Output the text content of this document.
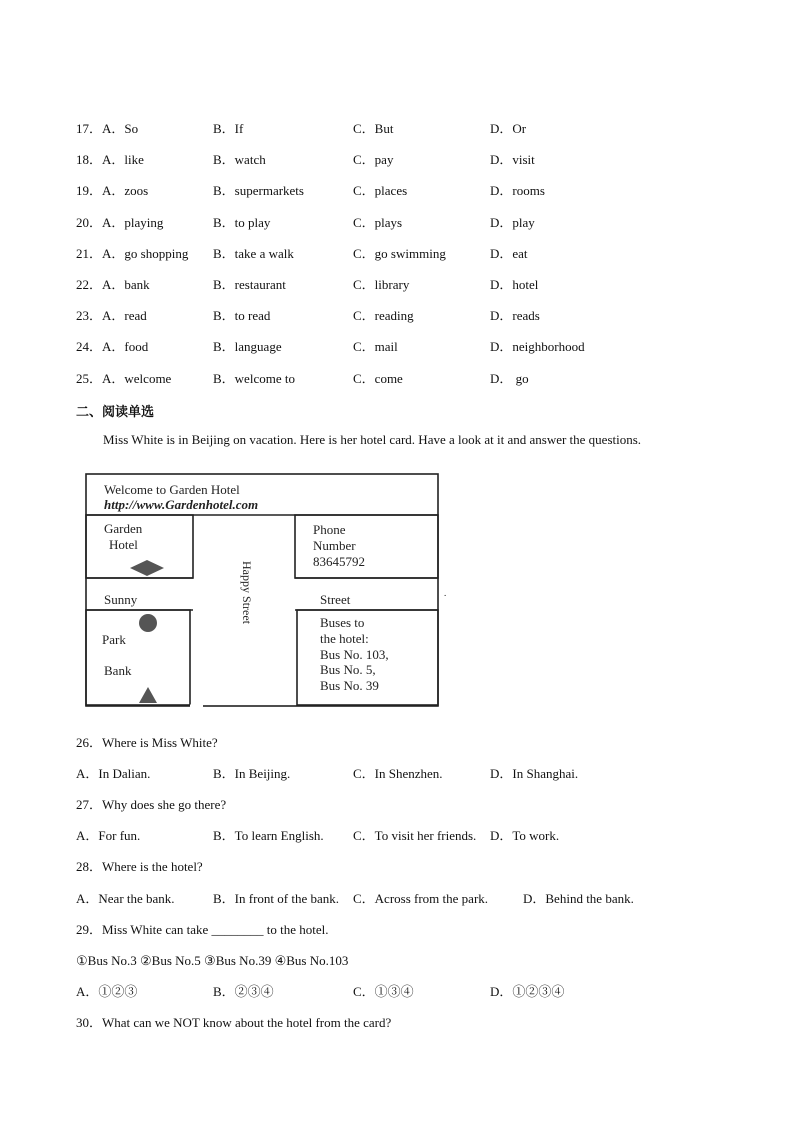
17．A．So	B．If	C．But	D．Or
18．A．like	B．watch	C．pay	D．visit
19．A．zoos	B．supermarkets	C．places	D．rooms
20．A．playing	B．to play	C．plays	D．play
21．A．go shopping B．take a walk	C．go swimming	D．eat
22．A．bank	B．restaurant	C．library	D．hotel
23．A．read	B．to read	C．reading	D．reads
24．A．food	B．language	C．mail	D．neighborhood
25．A．welcome	B．welcome to	C．come	D． go
二、阅读单选
Miss White is in Beijing on vacation. Here is her hotel card. Have a look at it and answer the questions.
Welcome to Garden Hotel
http://www.Gardenhotel.com
Garden
Hotel
Phone
Number
83645792
Sunny	Street
Park
Bank
Buses to
the hotel:
Bus No. 103,
Bus No. 5,
Bus No. 39
Happy Street	.
26．Where is Miss White?
A．In Dalian.	B．In Beijing.	C．In Shenzhen.	D．In Shanghai.
27．Why does she go there?
A．For fun.	B．To learn English. C．To visit her friends. D．To work.
28．Where is the hotel?
A．Near the bank.	B．In front of the bank. C．Across from the park.	D．Behind the bank.
29．Miss White can take ________ to the hotel.
①Bus No.3 ②Bus No.5 ③Bus No.39 ④Bus No.103
A．①②③	B．②③④	C．①③④	D．①②③④
30．What can we NOT know about the hotel from the card?
